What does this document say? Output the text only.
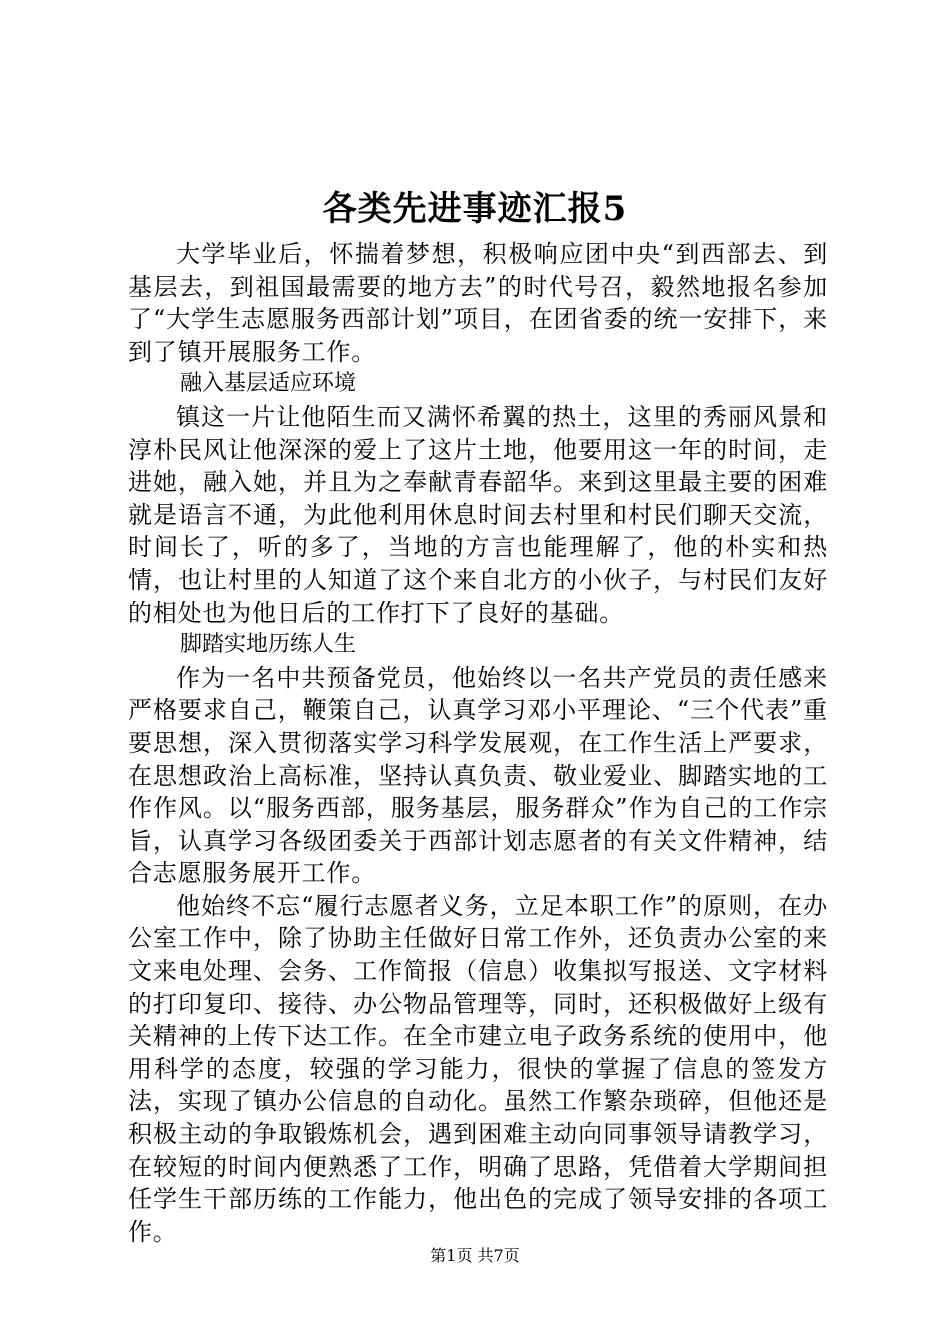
各类先进事迹汇报5

大学毕业后，怀揣着梦想，积极响应团中央“到西部去、到基层去，到祖国最需要的地方去”的时代号召，毅然地报名参加了“大学生志愿服务西部计划”项目，在团省委的统一安排下，来到了镇开展服务工作。

融入基层适应环境

镇这一片让他陌生而又满怀希翼的热土，这里的秀丽风景和淳朴民风让他深深的爱上了这片土地，他要用这一年的时间，走进她，融入她，并且为之奉献青春韶华。来到这里最主要的困难就是语言不通，为此他利用休息时间去村里和村民们聊天交流，时间长了，听的多了，当地的方言也能理解了，他的朴实和热情，也让村里的人知道了这个来自北方的小伙子，与村民们友好的相处也为他日后的工作打下了良好的基础。

脚踏实地历练人生

作为一名中共预备党员，他始终以一名共产党员的责任感来严格要求自己，鞭策自己，认真学习邓小平理论、“三个代表”重要思想，深入贯彻落实学习科学发展观，在工作生活上严要求，在思想政治上高标准，坚持认真负责、敬业爱业、脚踏实地的工作作风。以“服务西部，服务基层，服务群众”作为自己的工作宗旨，认真学习各级团委关于西部计划志愿者的有关文件精神，结合志愿服务展开工作。

他始终不忘“履行志愿者义务，立足本职工作”的原则，在办公室工作中，除了协助主任做好日常工作外，还负责办公室的来文来电处理、会务、工作简报（信息）收集拟写报送、文字材料的打印复印、接待、办公物品管理等，同时，还积极做好上级有关精神的上传下达工作。在全市建立电子政务系统的使用中，他用科学的态度，较强的学习能力，很快的掌握了信息的签发方法，实现了镇办公信息的自动化。虽然工作繁杂琐碎，但他还是积极主动的争取锻炼机会，遇到困难主动向同事领导请教学习，在较短的时间内便熟悉了工作，明确了思路，凭借着大学期间担任学生干部历练的工作能力，他出色的完成了领导安排的各项工作。

第1页 共7页
